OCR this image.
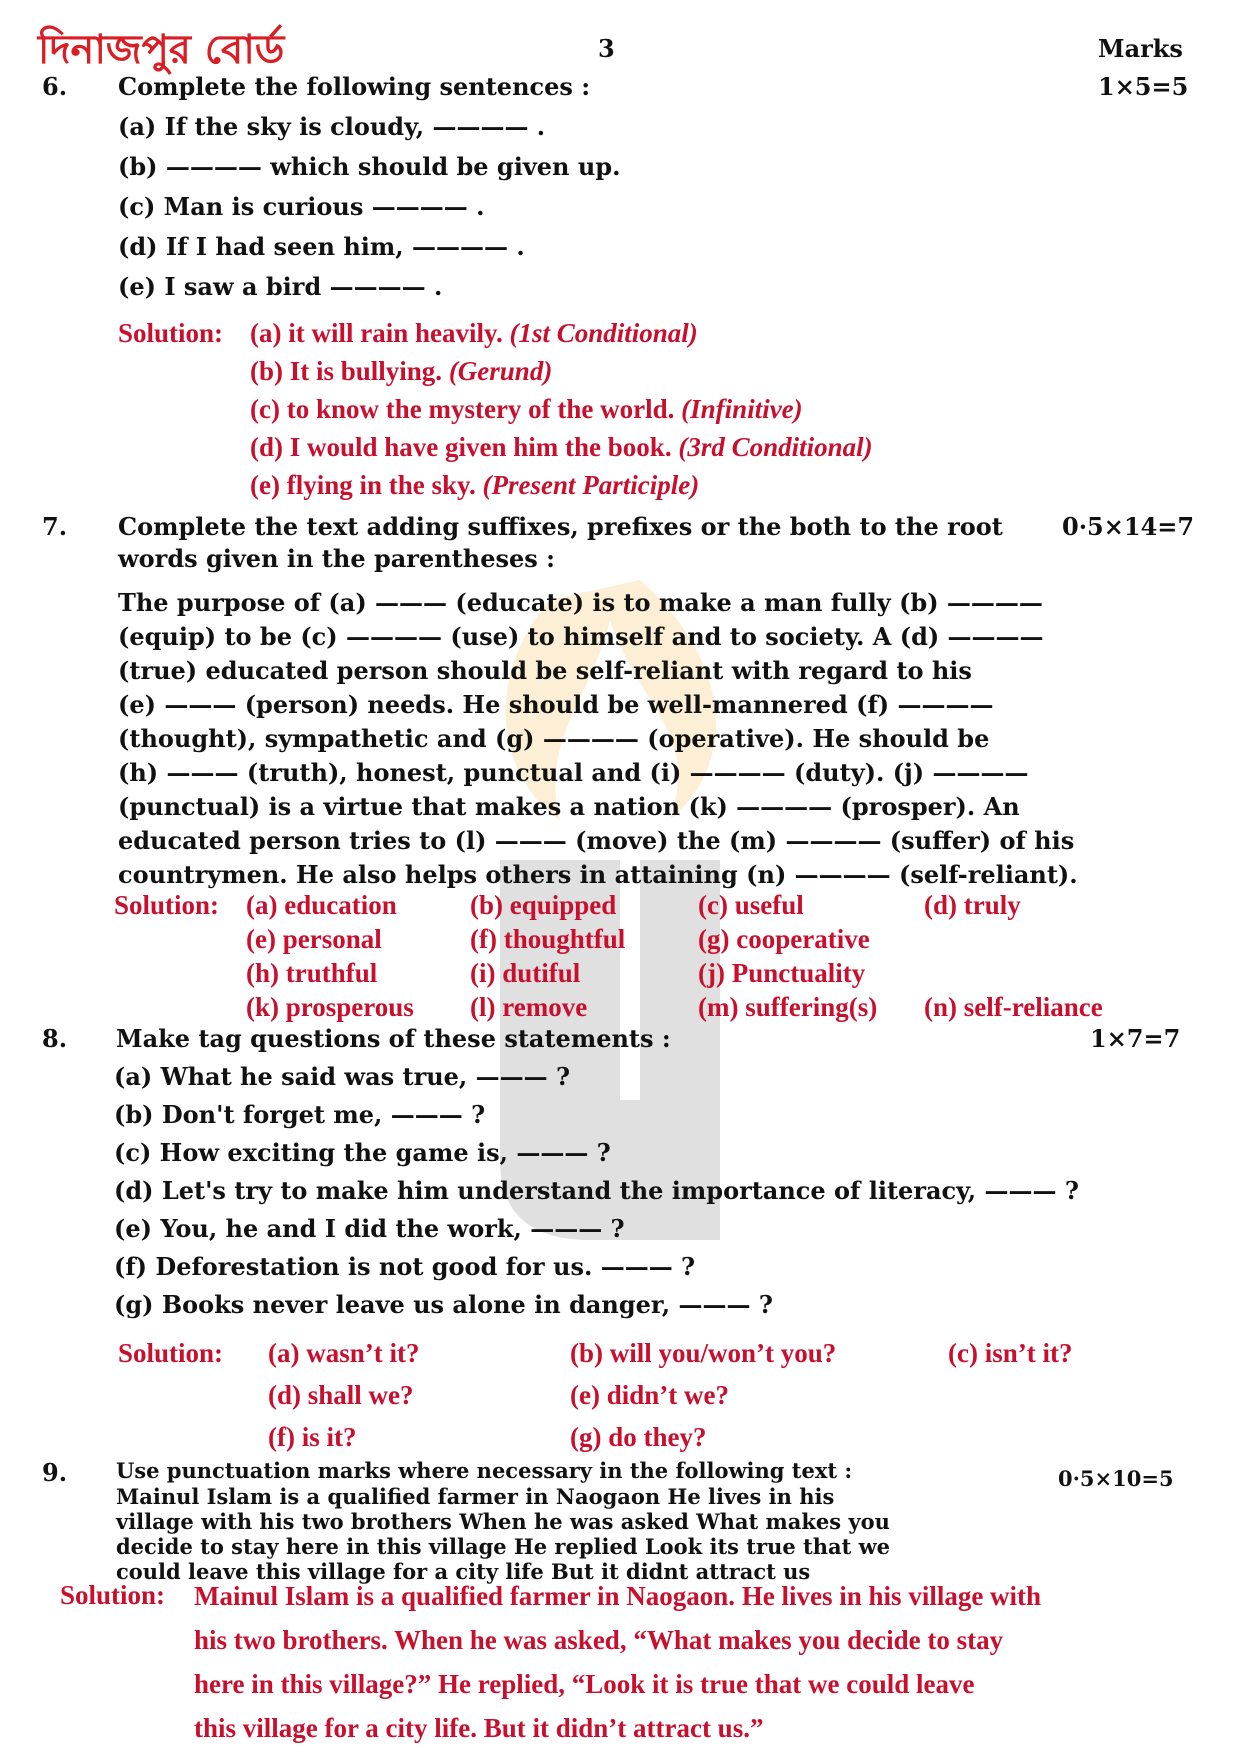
দিনাজপুর বোর্ড	3	Marks
6. Complete the following sentences :	1×5=5
(a) If the sky is cloudy, ———— .
(b) ———— which should be given up.
(c) Man is curious ———— .
(d) If I had seen him, ———— .
(e) I saw a bird ———— .
Solution: (a) it will rain heavily. (1st Conditional)
(b) It is bullying. (Gerund)
(c) to know the mystery of the world. (Infinitive)
(d) I would have given him the book. (3rd Conditional)
(e) flying in the sky. (Present Participle)
7. Complete the text adding suffixes, prefixes or the both to the root 0·5×14=7
words given in the parentheses :
The purpose of (a) ——— (educate) is to make a man fully (b) ————
(equip) to be (c) ———— (use) to himself and to society. A (d) ————
(true) educated person should be self-reliant with regard to his
(e) ——— (person) needs. He should be well-mannered (f) ————
(thought), sympathetic and (g) ———— (operative). He should be
(h) ——— (truth), honest, punctual and (i) ———— (duty). (j) ————
(punctual) is a virtue that makes a nation (k) ———— (prosper). An
educated person tries to (l) ——— (move) the (m) ———— (suffer) of his
countrymen. He also helps others in attaining (n) ———— (self-reliant).
Solution: (a) education	(b) equipped	(c) useful	(d) truly
(e) personal	(f) thoughtful	(g) cooperative
(h) truthful	(i) dutiful	(j) Punctuality
(k) prosperous (l) remove	(m) suffering(s) (n) self-reliance
8. Make tag questions of these statements :	1×7=7
(a) What he said was true, ——— ?
(b) Don't forget me, ——— ?
(c) How exciting the game is, ——— ?
(d) Let's try to make him understand the importance of literacy, ——— ?
(e) You, he and I did the work, ——— ?
(f) Deforestation is not good for us. ——— ?
(g) Books never leave us alone in danger, ——— ?
Solution: (a) wasn’t it?	(b) will you/won’t you?	(c) isn’t it?
(d) shall we?	(e) didn’t we?
(f) is it?	(g) do they?
9. Use punctuation marks where necessary in the following text :	0·5×10=5
Mainul Islam is a qualified farmer in Naogaon He lives in his
village with his two brothers When he was asked What makes you
decide to stay here in this village He replied Look its true that we
could leave this village for a city life But it didnt attract us
Solution: Mainul Islam is a qualified farmer in Naogaon. He lives in his village with
his two brothers. When he was asked, “What makes you decide to stay
here in this village?” He replied, “Look it is true that we could leave
this village for a city life. But it didn’t attract us.”
